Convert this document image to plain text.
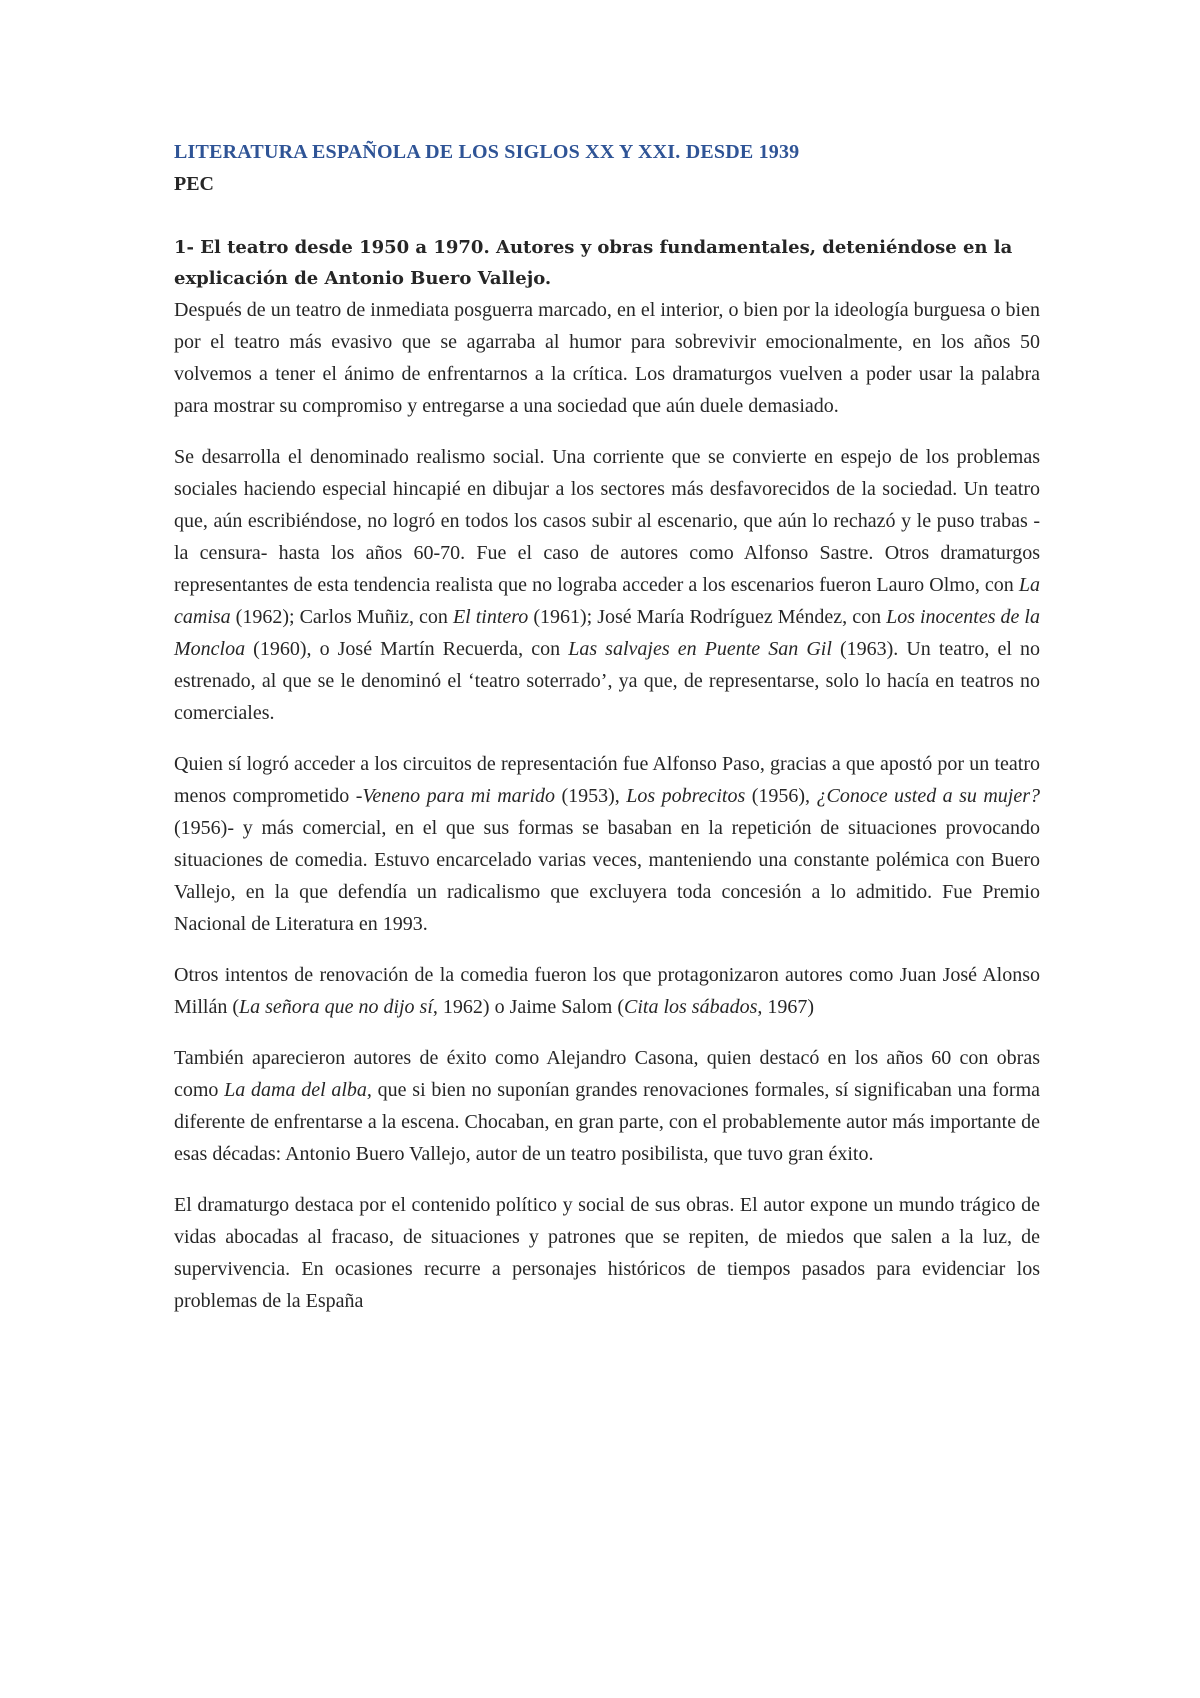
LITERATURA ESPAÑOLA DE LOS SIGLOS XX Y XXI. DESDE 1939
PEC
1- El teatro desde 1950 a 1970. Autores y obras fundamentales, deteniéndose en la explicación de Antonio Buero Vallejo.

Después de un teatro de inmediata posguerra marcado, en el interior, o bien por la ideología burguesa o bien por el teatro más evasivo que se agarraba al humor para sobrevivir emocionalmente, en los años 50 volvemos a tener el ánimo de enfrentarnos a la crítica. Los dramaturgos vuelven a poder usar la palabra para mostrar su compromiso y entregarse a una sociedad que aún duele demasiado.

Se desarrolla el denominado realismo social. Una corriente que se convierte en espejo de los problemas sociales haciendo especial hincapié en dibujar a los sectores más desfavorecidos de la sociedad. Un teatro que, aún escribiéndose, no logró en todos los casos subir al escenario, que aún lo rechazó y le puso trabas -la censura- hasta los años 60-70. Fue el caso de autores como Alfonso Sastre. Otros dramaturgos representantes de esta tendencia realista que no lograba acceder a los escenarios fueron Lauro Olmo, con La camisa (1962); Carlos Muñiz, con El tintero (1961); José María Rodríguez Méndez, con Los inocentes de la Moncloa (1960), o José Martín Recuerda, con Las salvajes en Puente San Gil (1963). Un teatro, el no estrenado, al que se le denominó el ‘teatro soterrado’, ya que, de representarse, solo lo hacía en teatros no comerciales.

Quien sí logró acceder a los circuitos de representación fue Alfonso Paso, gracias a que apostó por un teatro menos comprometido -Veneno para mi marido (1953), Los pobrecitos (1956), ¿Conoce usted a su mujer? (1956)- y más comercial, en el que sus formas se basaban en la repetición de situaciones provocando situaciones de comedia. Estuvo encarcelado varias veces, manteniendo una constante polémica con Buero Vallejo, en la que defendía un radicalismo que excluyera toda concesión a lo admitido. Fue Premio Nacional de Literatura en 1993.

Otros intentos de renovación de la comedia fueron los que protagonizaron autores como Juan José Alonso Millán (La señora que no dijo sí, 1962) o Jaime Salom (Cita los sábados, 1967)

También aparecieron autores de éxito como Alejandro Casona, quien destacó en los años 60 con obras como La dama del alba, que si bien no suponían grandes renovaciones formales, sí significaban una forma diferente de enfrentarse a la escena. Chocaban, en gran parte, con el probablemente autor más importante de esas décadas: Antonio Buero Vallejo, autor de un teatro posibilista, que tuvo gran éxito.

El dramaturgo destaca por el contenido político y social de sus obras. El autor expone un mundo trágico de vidas abocadas al fracaso, de situaciones y patrones que se repiten, de miedos que salen a la luz, de supervivencia. En ocasiones recurre a personajes históricos de tiempos pasados para evidenciar los problemas de la España
